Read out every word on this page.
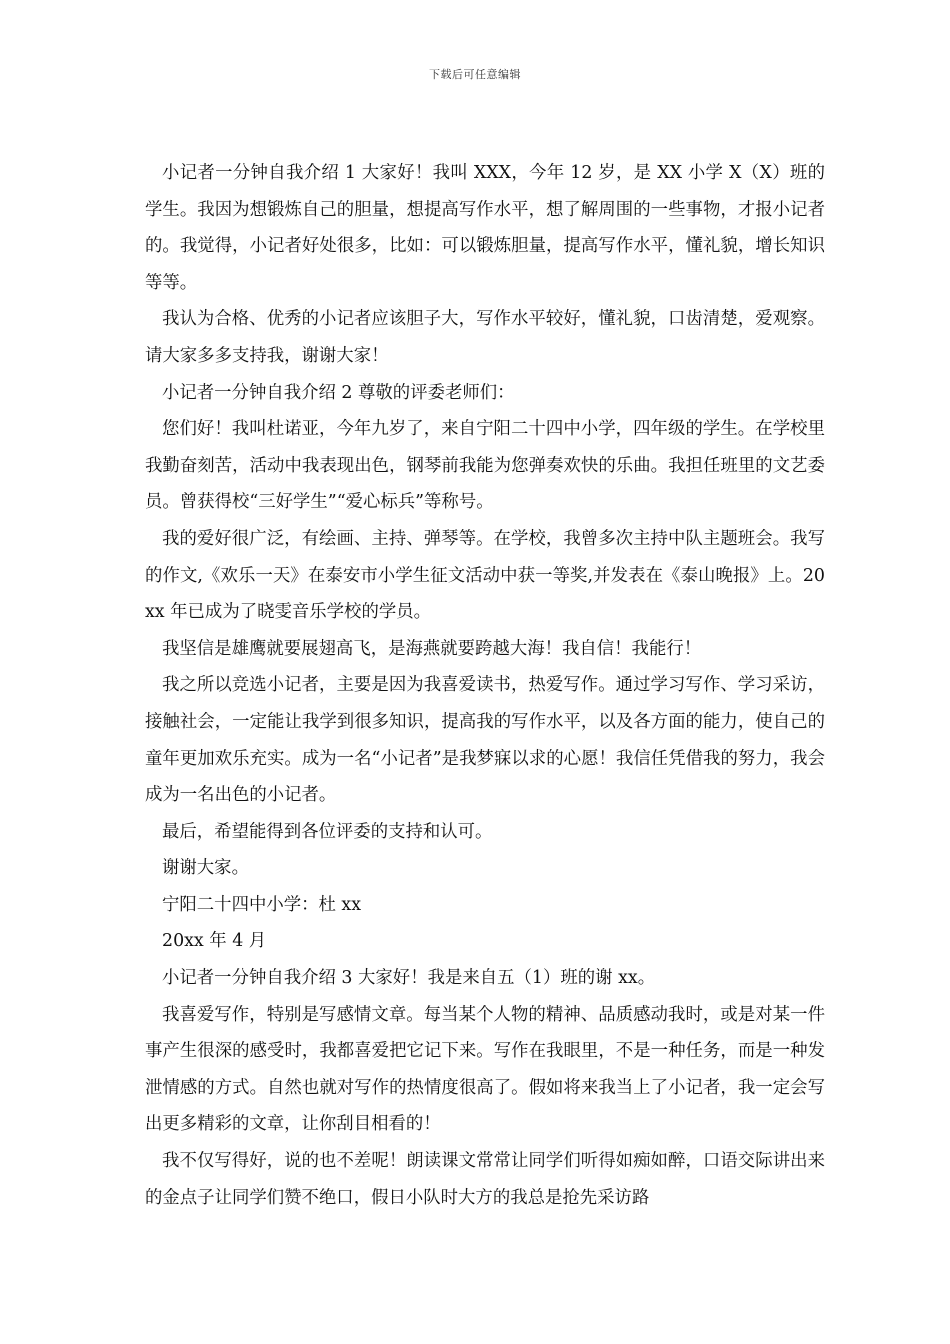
下载后可任意编辑

小记者一分钟自我介绍 1 大家好！我叫 XXX，今年 12 岁，是 XX 小学 X（X）班的学生。我因为想锻炼自己的胆量，想提高写作水平，想了解周围的一些事物，才报小记者的。我觉得，小记者好处很多，比如：可以锻炼胆量，提高写作水平，懂礼貌，增长知识等等。

我认为合格、优秀的小记者应该胆子大，写作水平较好，懂礼貌，口齿清楚，爱观察。请大家多多支持我，谢谢大家！

小记者一分钟自我介绍 2 尊敬的评委老师们：

您们好！我叫杜诺亚，今年九岁了，来自宁阳二十四中小学，四年级的学生。在学校里我勤奋刻苦，活动中我表现出色，钢琴前我能为您弹奏欢快的乐曲。我担任班里的文艺委员。曾获得校“三好学生”“爱心标兵”等称号。

我的爱好很广泛，有绘画、主持、弹琴等。在学校，我曾多次主持中队主题班会。我写的作文,《欢乐一天》在泰安市小学生征文活动中获一等奖,并发表在《泰山晚报》上。20xx 年已成为了晓雯音乐学校的学员。

我坚信是雄鹰就要展翅高飞，是海燕就要跨越大海！我自信！我能行！

我之所以竞选小记者，主要是因为我喜爱读书，热爱写作。通过学习写作、学习采访，接触社会，一定能让我学到很多知识，提高我的写作水平，以及各方面的能力，使自己的童年更加欢乐充实。成为一名“小记者”是我梦寐以求的心愿！我信任凭借我的努力，我会成为一名出色的小记者。

最后，希望能得到各位评委的支持和认可。

谢谢大家。

宁阳二十四中小学：杜 xx

20xx 年 4 月

小记者一分钟自我介绍 3 大家好！我是来自五（1）班的谢 xx。

我喜爱写作，特别是写感情文章。每当某个人物的精神、品质感动我时，或是对某一件事产生很深的感受时，我都喜爱把它记下来。写作在我眼里，不是一种任务，而是一种发泄情感的方式。自然也就对写作的热情度很高了。假如将来我当上了小记者，我一定会写出更多精彩的文章，让你刮目相看的！

我不仅写得好，说的也不差呢！朗读课文常常让同学们听得如痴如醉，口语交际讲出来的金点子让同学们赞不绝口，假日小队时大方的我总是抢先采访路
